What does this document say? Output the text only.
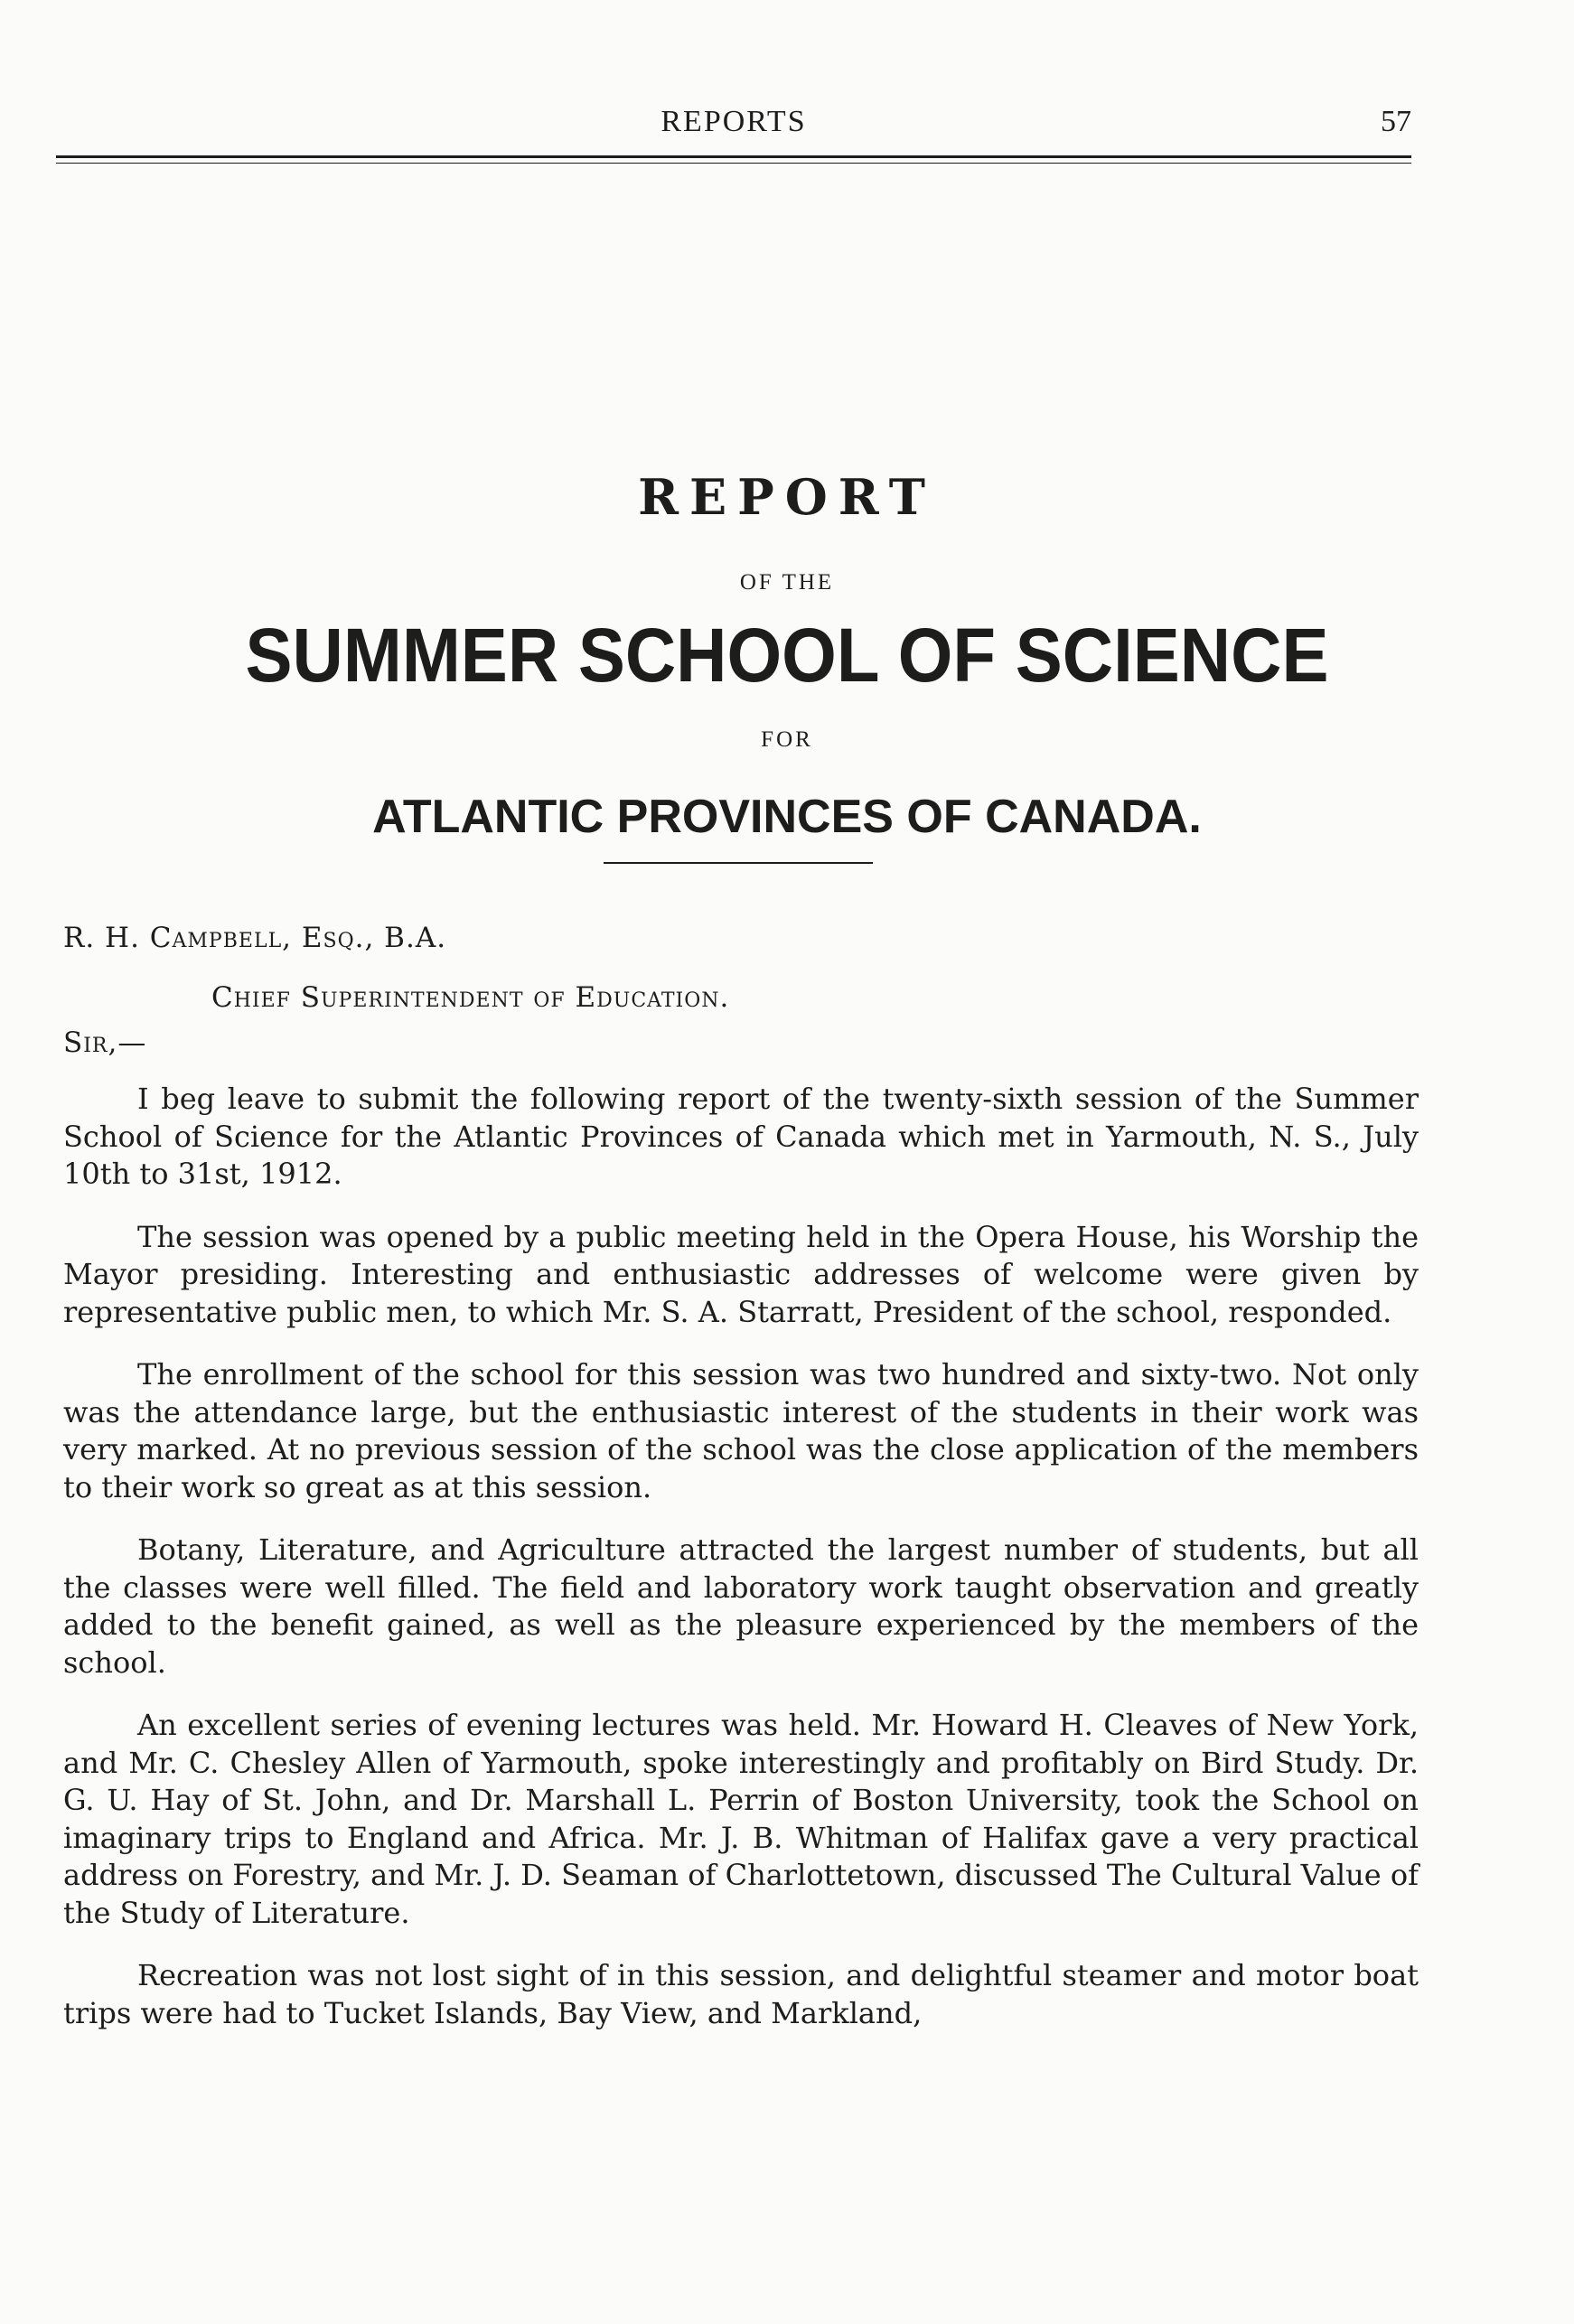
REPORTS	57
REPORT
OF THE
SUMMER SCHOOL OF SCIENCE
FOR
ATLANTIC PROVINCES OF CANADA.
R. H. Campbell, Esq., B.A.
Chief Superintendent of Education.
Sir,—

I beg leave to submit the following report of the twenty-sixth session of the Summer School of Science for the Atlantic Provinces of Canada which met in Yarmouth, N. S., July 10th to 31st, 1912.

The session was opened by a public meeting held in the Opera House, his Worship the Mayor presiding. Interesting and enthusiastic addresses of welcome were given by representative public men, to which Mr. S. A. Starratt, President of the school, responded.

The enrollment of the school for this session was two hundred and sixty-two. Not only was the attendance large, but the enthusiastic interest of the students in their work was very marked. At no previous session of the school was the close application of the members to their work so great as at this session.

Botany, Literature, and Agriculture attracted the largest number of students, but all the classes were well filled. The field and laboratory work taught observation and greatly added to the benefit gained, as well as the pleasure experienced by the members of the school.

An excellent series of evening lectures was held. Mr. Howard H. Cleaves of New York, and Mr. C. Chesley Allen of Yarmouth, spoke interestingly and profitably on Bird Study. Dr. G. U. Hay of St. John, and Dr. Marshall L. Perrin of Boston University, took the School on imaginary trips to England and Africa. Mr. J. B. Whitman of Halifax gave a very practical address on Forestry, and Mr. J. D. Seaman of Charlottetown, discussed The Cultural Value of the Study of Literature.

Recreation was not lost sight of in this session, and delightful steamer and motor boat trips were had to Tucket Islands, Bay View, and Markland,
